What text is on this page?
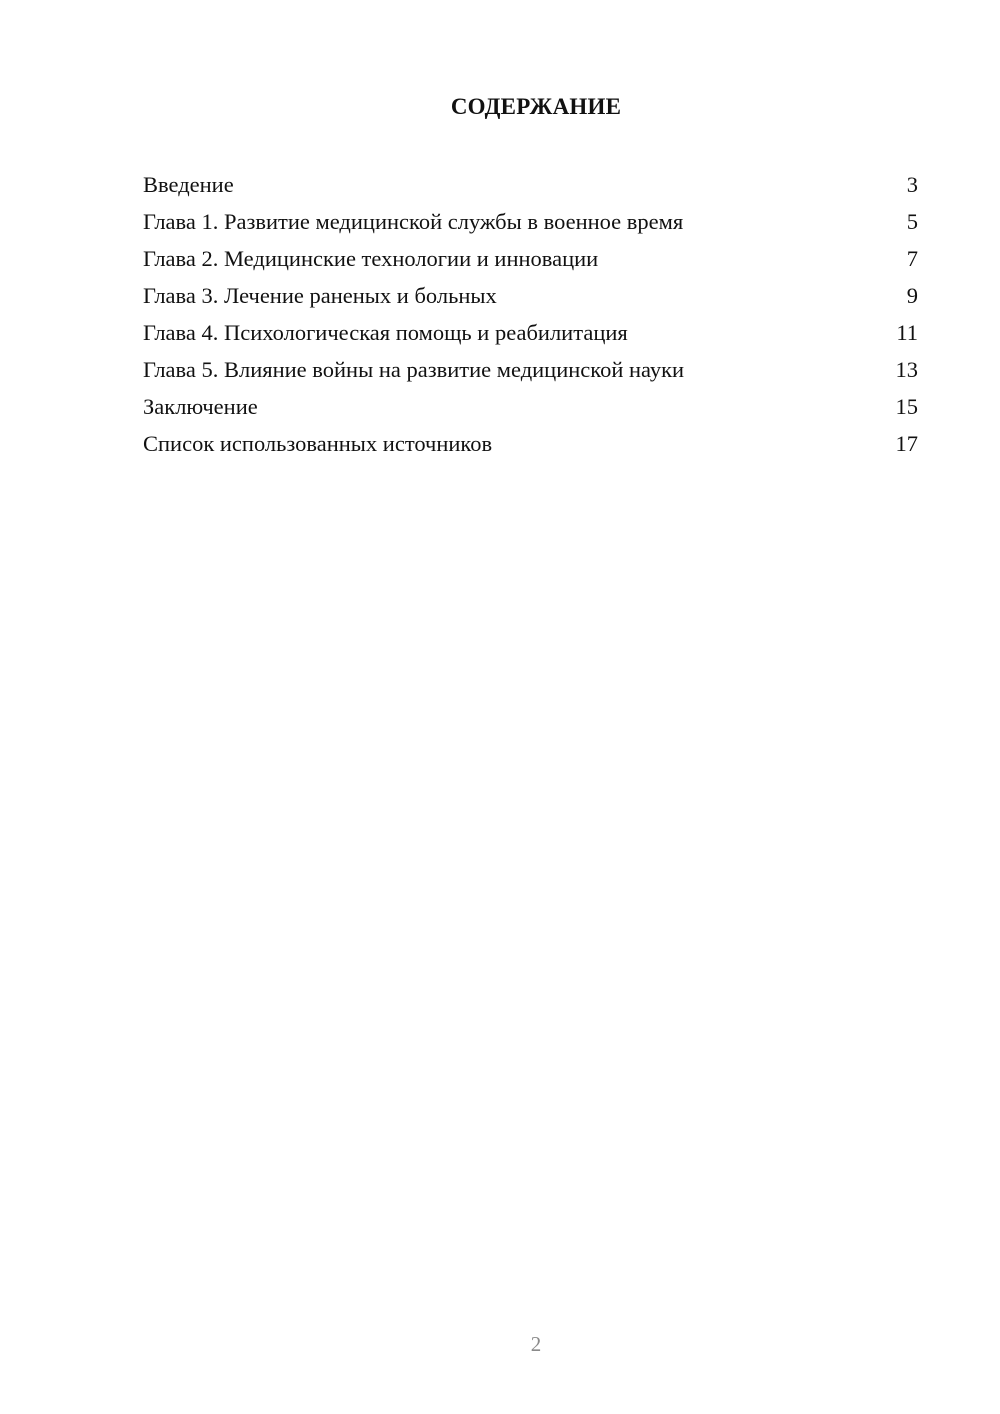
СОДЕРЖАНИЕ
Введение	3
Глава 1. Развитие медицинской службы в военное время	5
Глава 2. Медицинские технологии и инновации	7
Глава 3. Лечение раненых и больных	9
Глава 4. Психологическая помощь и реабилитация	11
Глава 5. Влияние войны на развитие медицинской науки	13
Заключение	15
Список использованных источников	17
2
